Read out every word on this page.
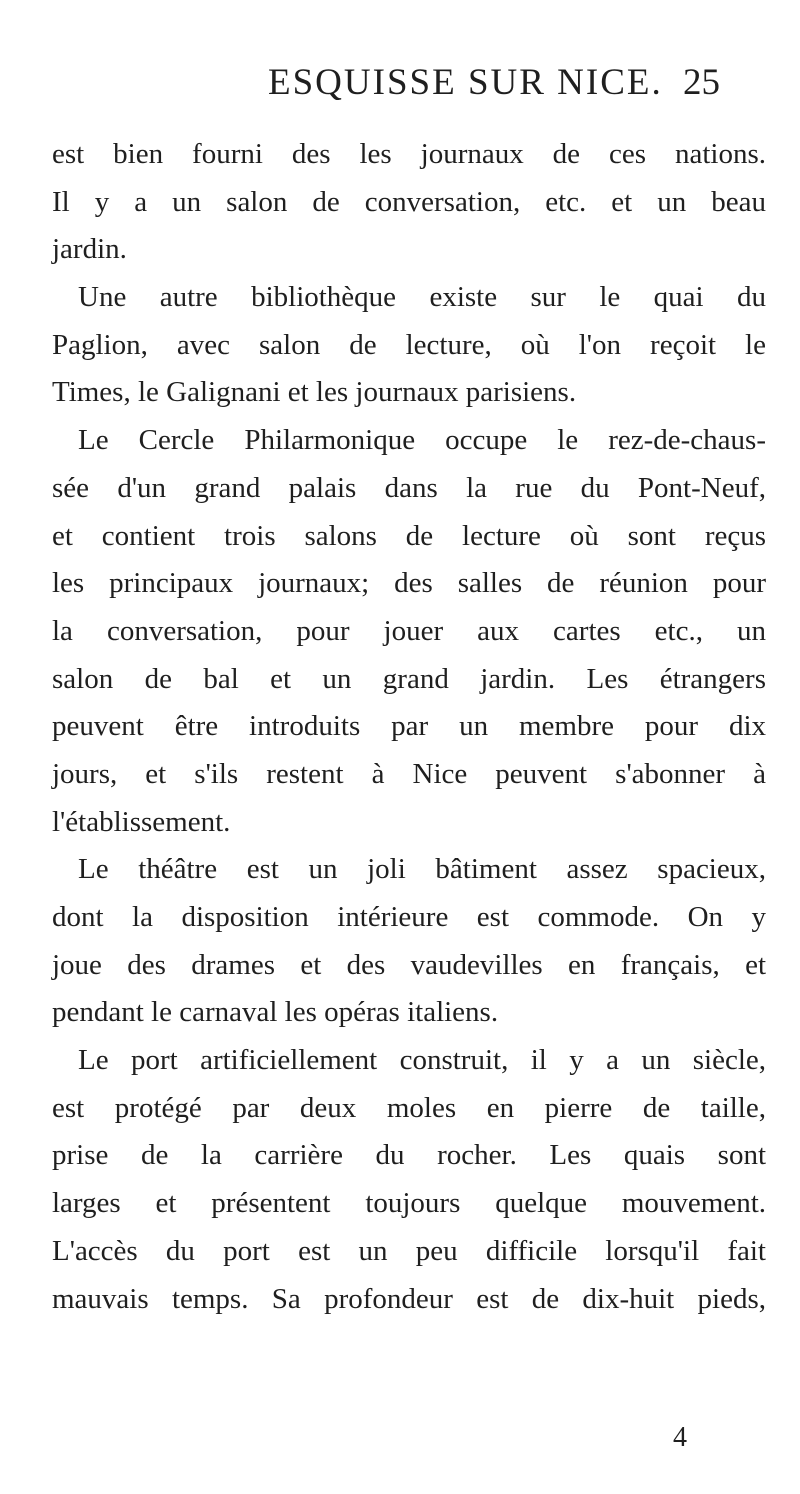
ESQUISSE SUR NICE. 25
est bien fourni des les journaux de ces nations.
Il y a un salon de conversation, etc. et un beau
jardin.
Une autre bibliothèque existe sur le quai du
Paglion, avec salon de lecture, où l'on reçoit le
Times, le Galignani et les journaux parisiens.
Le Cercle Philarmonique occupe le rez-de-chaus-
sée d'un grand palais dans la rue du Pont-Neuf,
et contient trois salons de lecture où sont reçus
les principaux journaux; des salles de réunion pour
la conversation, pour jouer aux cartes etc., un
salon de bal et un grand jardin. Les étrangers
peuvent être introduits par un membre pour dix
jours, et s'ils restent à Nice peuvent s'abonner à
l'établissement.
Le théâtre est un joli bâtiment assez spacieux,
dont la disposition intérieure est commode. On y
joue des drames et des vaudevilles en français, et
pendant le carnaval les opéras italiens.
Le port artificiellement construit, il y a un siècle,
est protégé par deux moles en pierre de taille,
prise de la carrière du rocher. Les quais sont
larges et présentent toujours quelque mouvement.
L'accès du port est un peu difficile lorsqu'il fait
mauvais temps. Sa profondeur est de dix-huit pieds,
4
